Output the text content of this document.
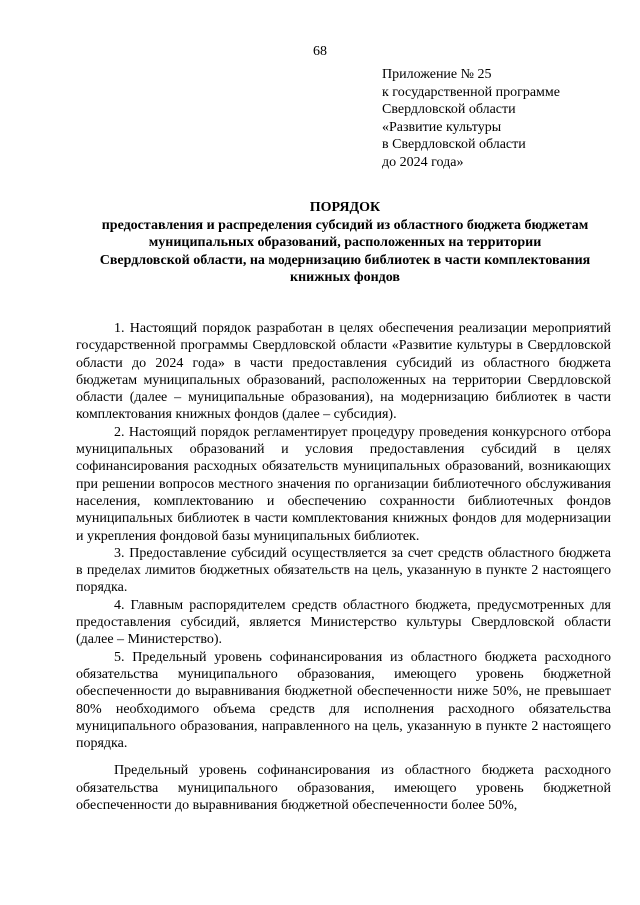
68
Приложение № 25
к государственной программе
Свердловской области
«Развитие культуры
в Свердловской области
до 2024 года»
ПОРЯДОК
предоставления и распределения субсидий из областного бюджета бюджетам
муниципальных образований, расположенных на территории
Свердловской области, на модернизацию библиотек в части комплектования
книжных фондов

1. Настоящий порядок разработан в целях обеспечения реализации мероприятий государственной программы Свердловской области «Развитие культуры в Свердловской области до 2024 года» в части предоставления субсидий из областного бюджета бюджетам муниципальных образований, расположенных на территории Свердловской области (далее – муниципальные образования), на модернизацию библиотек в части комплектования книжных фондов (далее – субсидия).

2. Настоящий порядок регламентирует процедуру проведения конкурсного отбора муниципальных образований и условия предоставления субсидий в целях софинансирования расходных обязательств муниципальных образований, возникающих при решении вопросов местного значения по организации библиотечного обслуживания населения, комплектованию и обеспечению сохранности библиотечных фондов муниципальных библиотек в части комплектования книжных фондов для модернизации и укрепления фондовой базы муниципальных библиотек.

3. Предоставление субсидий осуществляется за счет средств областного бюджета в пределах лимитов бюджетных обязательств на цель, указанную в пункте 2 настоящего порядка.

4. Главным распорядителем средств областного бюджета, предусмотренных для предоставления субсидий, является Министерство культуры Свердловской области (далее – Министерство).

5. Предельный уровень софинансирования из областного бюджета расходного обязательства муниципального образования, имеющего уровень бюджетной обеспеченности до выравнивания бюджетной обеспеченности ниже 50%, не превышает 80% необходимого объема средств для исполнения расходного обязательства муниципального образования, направленного на цель, указанную в пункте 2 настоящего порядка.

Предельный уровень софинансирования из областного бюджета расходного обязательства муниципального образования, имеющего уровень бюджетной обеспеченности до выравнивания бюджетной обеспеченности более 50%,
